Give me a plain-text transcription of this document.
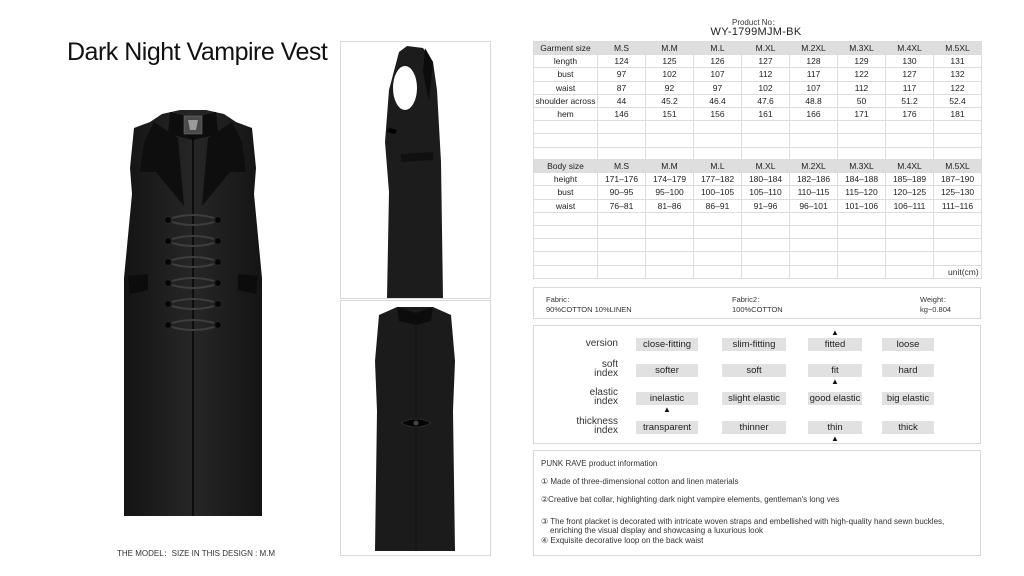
Dark Night Vampire Vest
THE MODEL：SIZE IN THIS DESIGN : M.M
Product No：
WY-1799MJM-BK
Garment size	M.S	M.M	M.L	M.XL	M.2XL	M.3XL	M.4XL	M.5XL
length	124	125	126	127	128	129	130	131
bust	97	102	107	112	117	122	127	132
waist	87	92	97	102	107	112	117	122
shoulder across	44	45.2	46.4	47.6	48.8	50	51.2	52.4
hem	146	151	156	161	166	171	176	181

Body size	M.S	M.M	M.L	M.XL	M.2XL	M.3XL	M.4XL	M.5XL
height	171–176	174–179	177–182	180–184	182–186	184–188	185–189	187–190
bust	90–95	95–100	100–105	105–110	110–115	115–120	120–125	125–130
waist	76–81	81–86	86–91	91–96	96–101	101–106	106–111	111–116

unit(cm)
Fabric：
90%COTTON 10%LINEN
Fabric2：
100%COTTON
Weight：
kg~0.804
version	close-fitting	slim-fitting	fitted	loose
▲
soft
index	softer	soft	fit	hard
▲
elastic
index	inelastic	slight elastic	good elastic	big elastic
▲
thickness
index	transparent	thinner	thin	thick
▲
PUNK RAVE product information
① Made of three-dimensional cotton and linen materials
②Creative bat collar, highlighting dark night vampire elements, gentleman's long ves
③ The front placket is decorated with intricate woven straps and embellished with high-quality hand sewn buckles,
enriching the visual display and showcasing a luxurious look
④ Exquisite decorative loop on the back waist
